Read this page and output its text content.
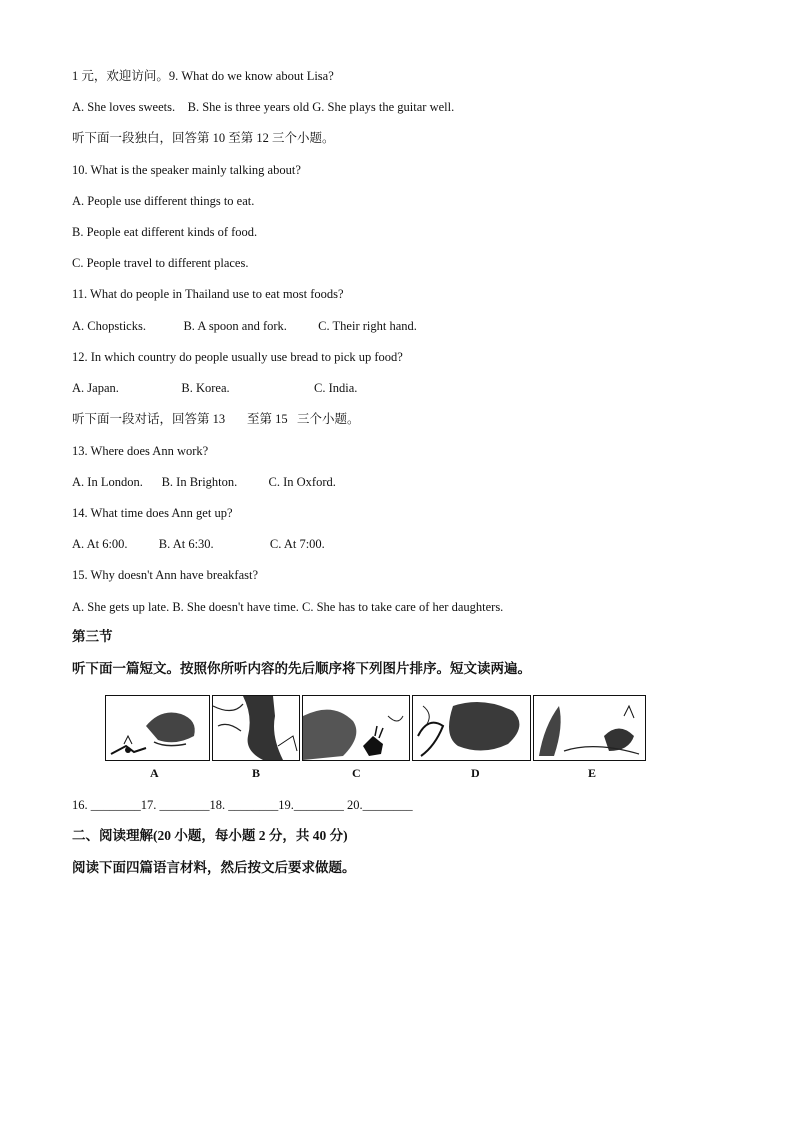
1 元，欢迎访问。9. What do we know about Lisa?
A. She loves sweets.    B. She is three years old G. She plays the guitar well.
听下面一段独白，回答第 10 至第 12 三个小题。
10. What is the speaker mainly talking about?
A. People use different things to eat.
B. People eat different kinds of food.
C. People travel to different places.
11. What do people in Thailand use to eat most foods?
A. Chopsticks.            B. A spoon and fork.          C. Their right hand.
12. In which country do people usually use bread to pick up food?
A. Japan.                    B. Korea.                           C. India.
听下面一段对话，回答第 13       至第 15   三个小题。
13. Where does Ann work?
A. In London.      B. In Brighton.          C. In Oxford.
14. What time does Ann get up?
A. At 6:00.          B. At 6:30.                  C. At 7:00.
15. Why doesn't Ann have breakfast?
A. She gets up late. B. She doesn't have time. C. She has to take care of her daughters.
第三节
听下面一篇短文。按照你所听内容的先后顺序将下列图片排序。短文读两遍。
A	B	C	D	E
16. ________17. ________18. ________19.________ 20.________
二、阅读理解(20 小题，每小题 2 分，共 40 分)
阅读下面四篇语言材料，然后按文后要求做题。
